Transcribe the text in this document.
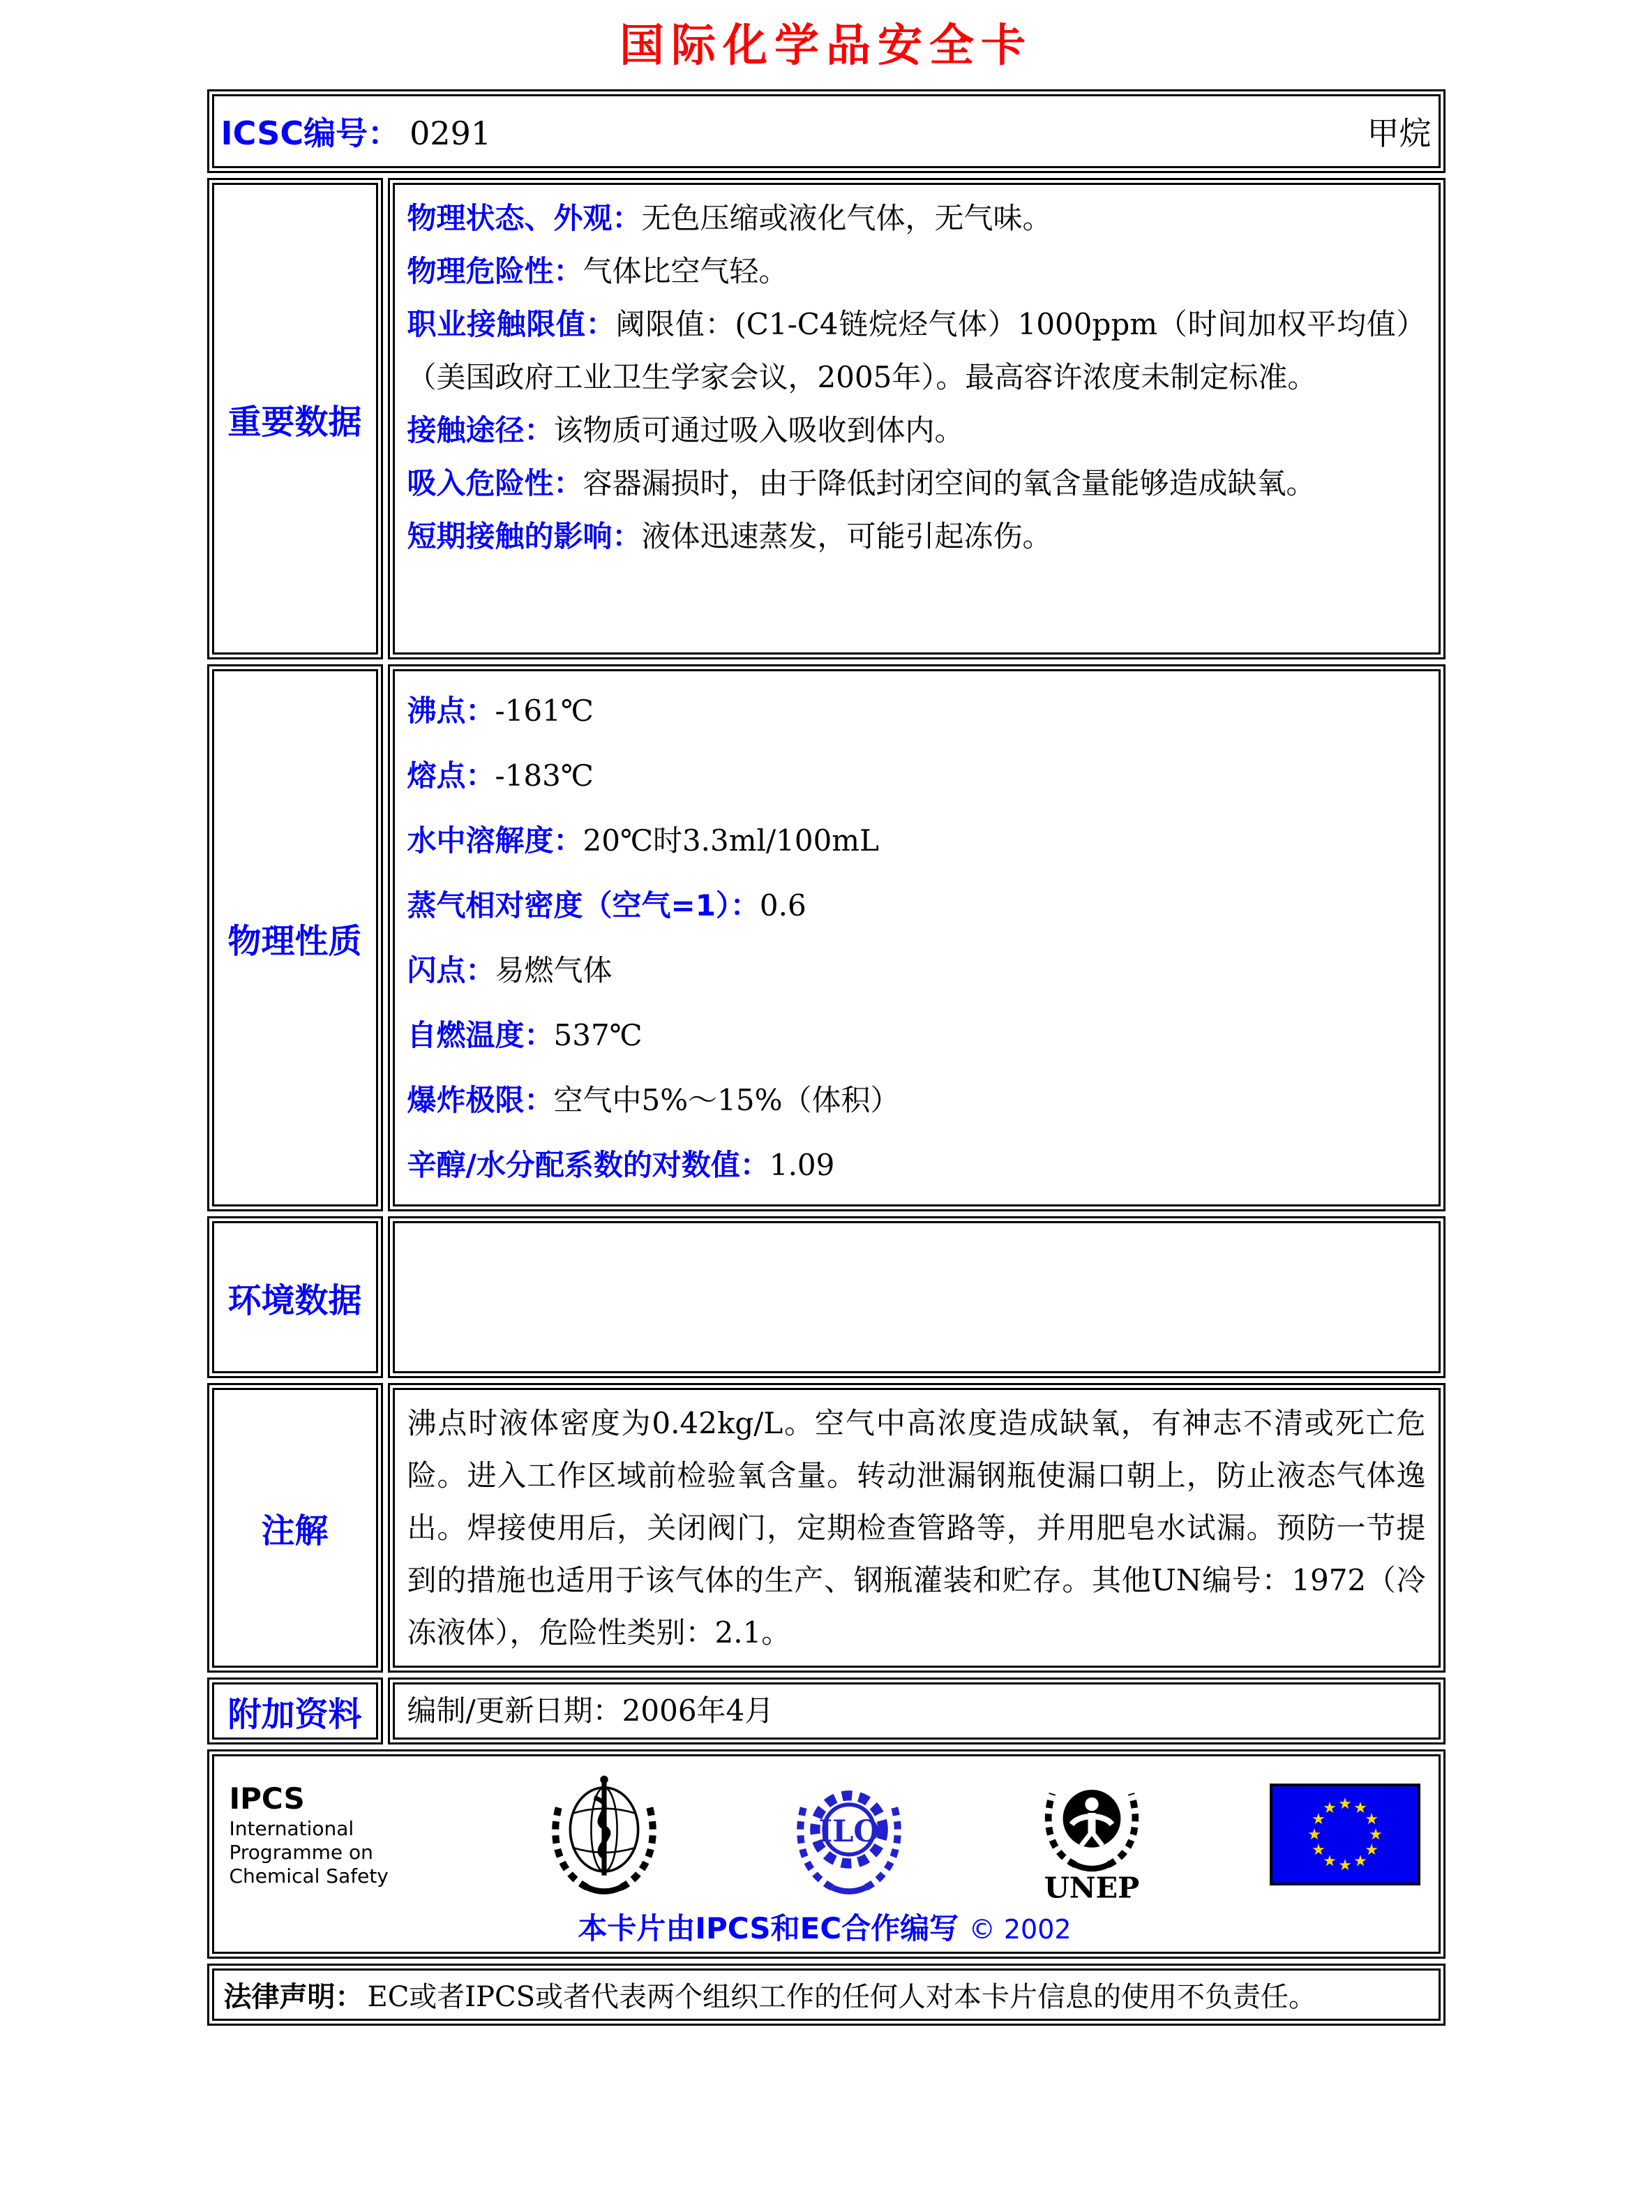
国际化学品安全卡
ICSC编号： 0291	甲烷
重要数据
物理状态、外观：无色压缩或液化气体，无气味。
物理危险性：气体比空气轻。
职业接触限值：阈限值：(C1-C4链烷烃气体）1000ppm（时间加权平均值）（美国政府工业卫生学家会议，2005年）。最高容许浓度未制定标准。
接触途径：该物质可通过吸入吸收到体内。
吸入危险性：容器漏损时，由于降低封闭空间的氧含量能够造成缺氧。
短期接触的影响：液体迅速蒸发，可能引起冻伤。
物理性质
沸点：-161℃
熔点：-183℃
水中溶解度：20℃时3.3ml/100mL
蒸气相对密度（空气=1）：0.6
闪点：易燃气体
自燃温度：537℃
爆炸极限：空气中5%～15%（体积）
辛醇/水分配系数的对数值：1.09
环境数据
注解
沸点时液体密度为0.42kg/L。空气中高浓度造成缺氧，有神志不清或死亡危险。进入工作区域前检验氧含量。转动泄漏钢瓶使漏口朝上，防止液态气体逸出。焊接使用后，关闭阀门，定期检查管路等，并用肥皂水试漏。预防一节提到的措施也适用于该气体的生产、钢瓶灌装和贮存。其他UN编号：1972（冷冻液体），危险性类别：2.1。
附加资料	编制/更新日期：2006年4月
IPCS
International
Programme on
Chemical Safety
ILO
UNEP
本卡片由IPCS和EC合作编写 © 2002
法律声明： EC或者IPCS或者代表两个组织工作的任何人对本卡片信息的使用不负责任。
